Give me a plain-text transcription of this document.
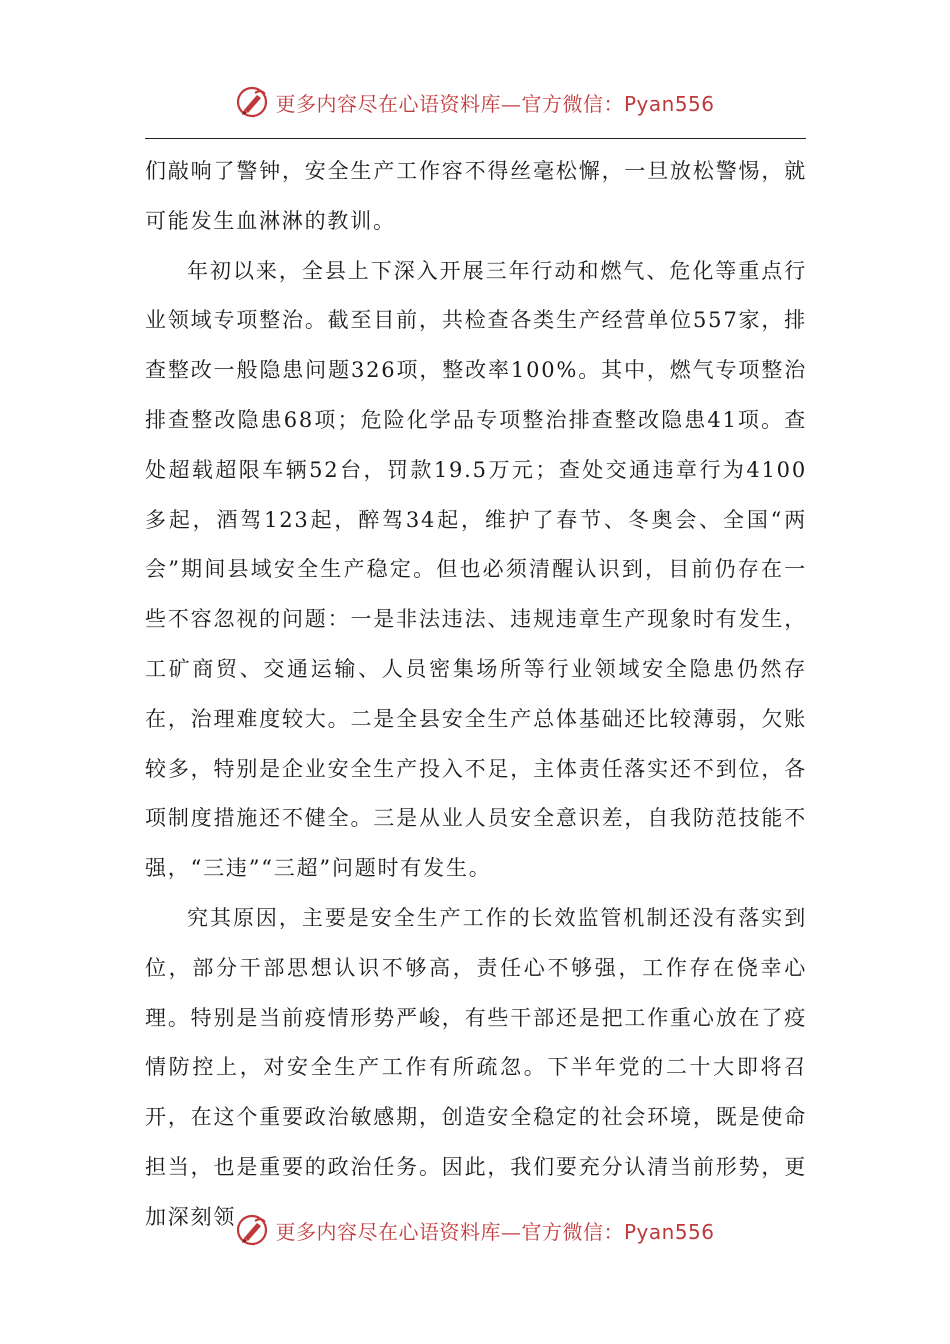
更多内容尽在心语资料库—官方微信：Pyan556

们敲响了警钟，安全生产工作容不得丝毫松懈，一旦放松警惕，就可能发生血淋淋的教训。

年初以来，全县上下深入开展三年行动和燃气、危化等重点行业领域专项整治。截至目前，共检查各类生产经营单位557家，排查整改一般隐患问题326项，整改率100%。其中，燃气专项整治排查整改隐患68项；危险化学品专项整治排查整改隐患41项。查处超载超限车辆52台，罚款19.5万元；查处交通违章行为4100多起，酒驾123起，醉驾34起，维护了春节、冬奥会、全国“两会”期间县域安全生产稳定。但也必须清醒认识到，目前仍存在一些不容忽视的问题：一是非法违法、违规违章生产现象时有发生，工矿商贸、交通运输、人员密集场所等行业领域安全隐患仍然存在，治理难度较大。二是全县安全生产总体基础还比较薄弱，欠账较多，特别是企业安全生产投入不足，主体责任落实还不到位，各项制度措施还不健全。三是从业人员安全意识差，自我防范技能不强，“三违”“三超”问题时有发生。

究其原因，主要是安全生产工作的长效监管机制还没有落实到位，部分干部思想认识不够高，责任心不够强，工作存在侥幸心理。特别是当前疫情形势严峻，有些干部还是把工作重心放在了疫情防控上，对安全生产工作有所疏忽。下半年党的二十大即将召开，在这个重要政治敏感期，创造安全稳定的社会环境，既是使命担当，也是重要的政治任务。因此，我们要充分认清当前形势，更加深刻领

更多内容尽在心语资料库—官方微信：Pyan556
